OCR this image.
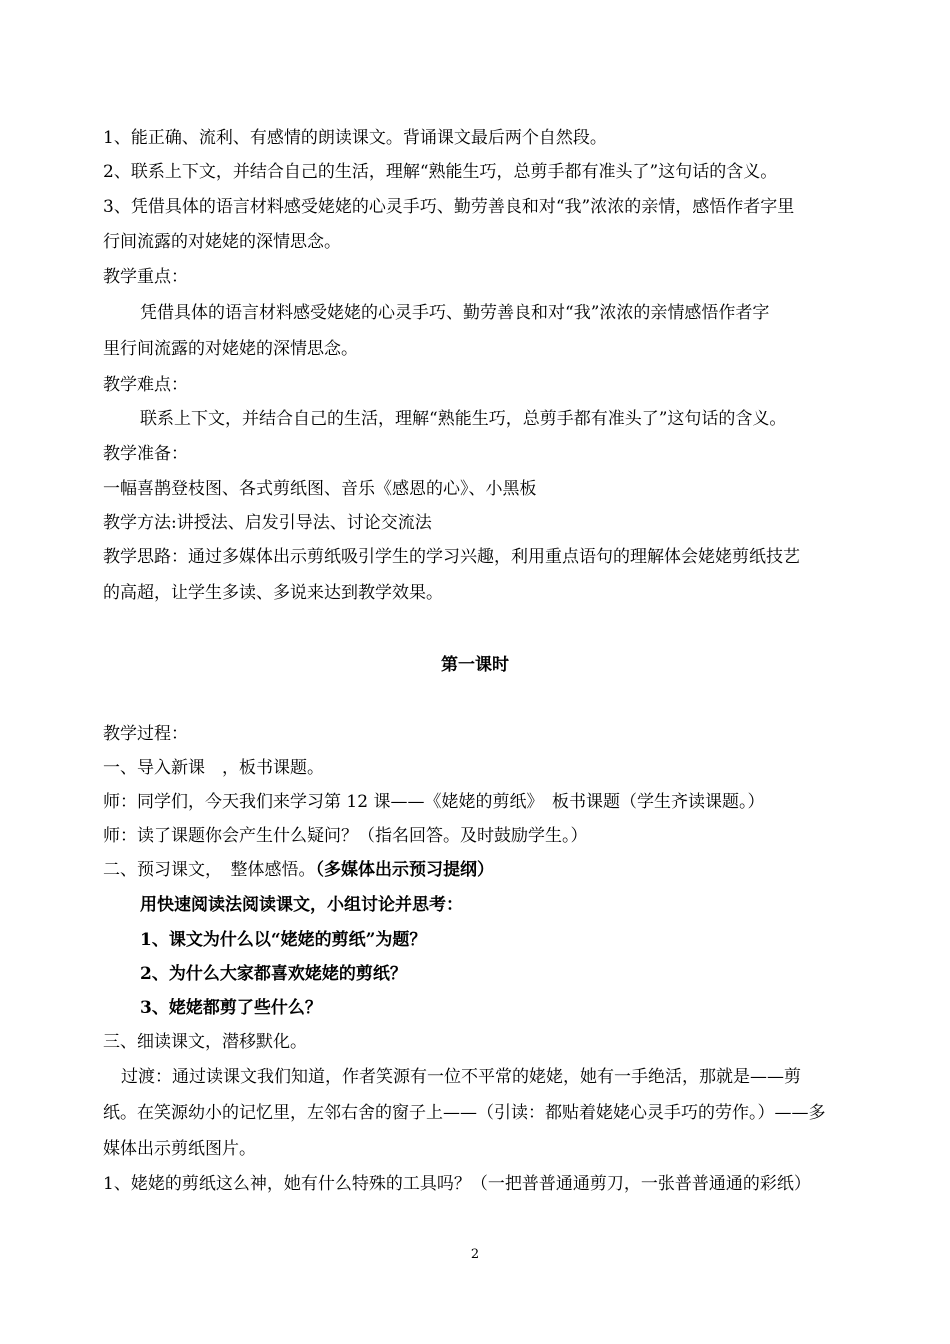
1、能正确、流利、有感情的朗读课文。背诵课文最后两个自然段。
2、联系上下文，并结合自己的生活，理解“熟能生巧，总剪手都有准头了”这句话的含义。
3、凭借具体的语言材料感受姥姥的心灵手巧、勤劳善良和对“我”浓浓的亲情，感悟作者字里
行间流露的对姥姥的深情思念。
教学重点：
凭借具体的语言材料感受姥姥的心灵手巧、勤劳善良和对“我”浓浓的亲情感悟作者字
里行间流露的对姥姥的深情思念。
教学难点：
联系上下文，并结合自己的生活，理解“熟能生巧，总剪手都有准头了”这句话的含义。
教学准备：
一幅喜鹊登枝图、各式剪纸图、音乐《感恩的心》、小黑板
教学方法:讲授法、启发引导法、讨论交流法
教学思路：通过多媒体出示剪纸吸引学生的学习兴趣，利用重点语句的理解体会姥姥剪纸技艺
的高超，让学生多读、多说来达到教学效果。
第一课时
教学过程：
一、导入新课　，板书课题。
师：同学们，今天我们来学习第 12 课——《姥姥的剪纸》　板书课题（学生齐读课题。）
师：读了课题你会产生什么疑问？（指名回答。及时鼓励学生。）
二、预习课文，　整体感悟。（多媒体出示预习提纲）
用快速阅读法阅读课文，小组讨论并思考：
1、课文为什么以“姥姥的剪纸”为题？
2、为什么大家都喜欢姥姥的剪纸？
3、姥姥都剪了些什么？
三、细读课文，潜移默化。
过渡：通过读课文我们知道，作者笑源有一位不平常的姥姥，她有一手绝活，那就是——剪
纸。在笑源幼小的记忆里，左邻右舍的窗子上——（引读：都贴着姥姥心灵手巧的劳作。）——多
媒体出示剪纸图片。
1、姥姥的剪纸这么神，她有什么特殊的工具吗？（一把普普通通剪刀，一张普普通通的彩纸）
2
